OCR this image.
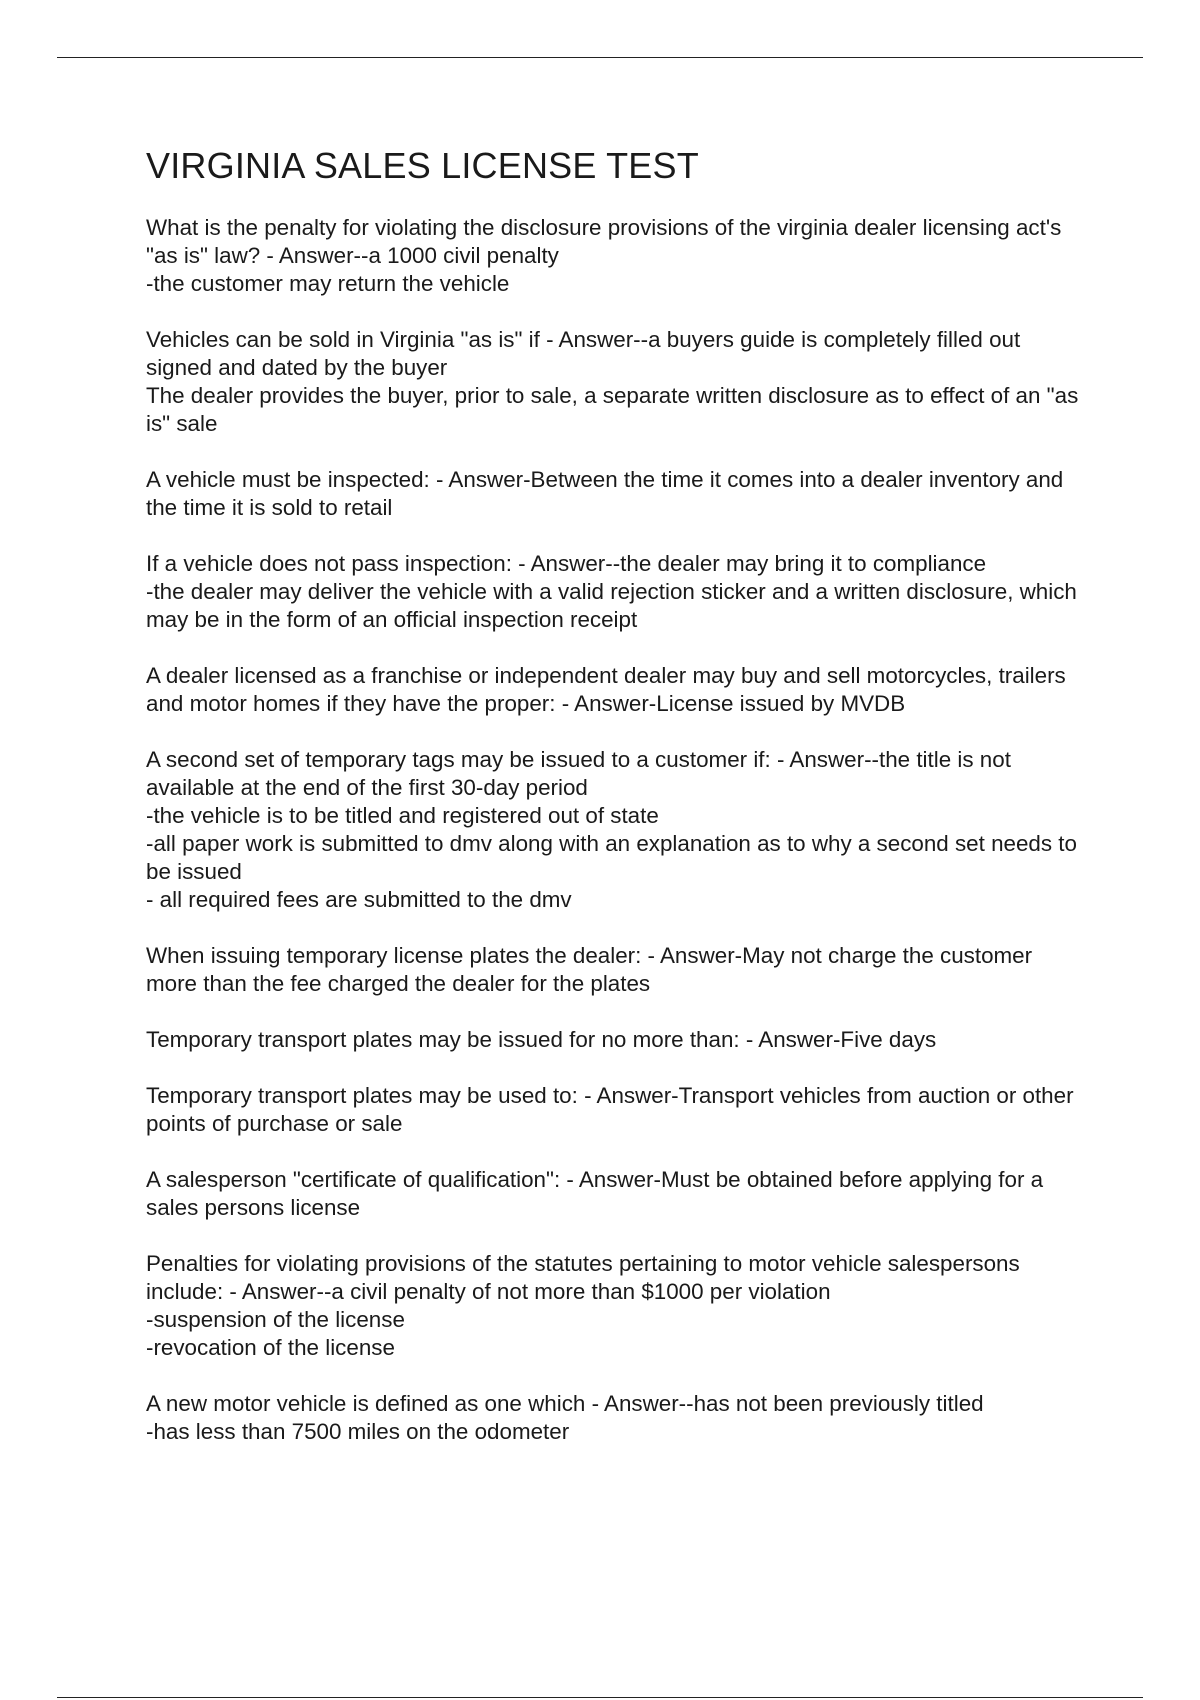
VIRGINIA SALES LICENSE TEST
What is the penalty for violating the disclosure provisions of the virginia dealer licensing act's "as is" law? - Answer--a 1000 civil penalty
-the customer may return the vehicle
Vehicles can be sold in Virginia "as is" if - Answer--a buyers guide is completely filled out signed and dated by the buyer
The dealer provides the buyer, prior to sale, a separate written disclosure as to effect of an "as is" sale
A vehicle must be inspected: - Answer-Between the time it comes into a dealer inventory and the time it is sold to retail
If a vehicle does not pass inspection: - Answer--the dealer may bring it to compliance
-the dealer may deliver the vehicle with a valid rejection sticker and a written disclosure, which may be in the form of an official inspection receipt
A dealer licensed as a franchise or independent dealer may buy and sell motorcycles, trailers and motor homes if they have the proper: - Answer-License issued by MVDB
A second set of temporary tags may be issued to a customer if: - Answer--the title is not available at the end of the first 30-day period
-the vehicle is to be titled and registered out of state
-all paper work is submitted to dmv along with an explanation as to why a second set needs to be issued
- all required fees are submitted to the dmv
When issuing temporary license plates the dealer: - Answer-May not charge the customer more than the fee charged the dealer for the plates
Temporary transport plates may be issued for no more than: - Answer-Five days
Temporary transport plates may be used to: - Answer-Transport vehicles from auction or other points of purchase or sale
A salesperson "certificate of qualification": - Answer-Must be obtained before applying for a sales persons license
Penalties for violating provisions of the statutes pertaining to motor vehicle salespersons include: - Answer--a civil penalty of not more than $1000 per violation
-suspension of the license
-revocation of the license
A new motor vehicle is defined as one which - Answer--has not been previously titled
-has less than 7500 miles on the odometer
